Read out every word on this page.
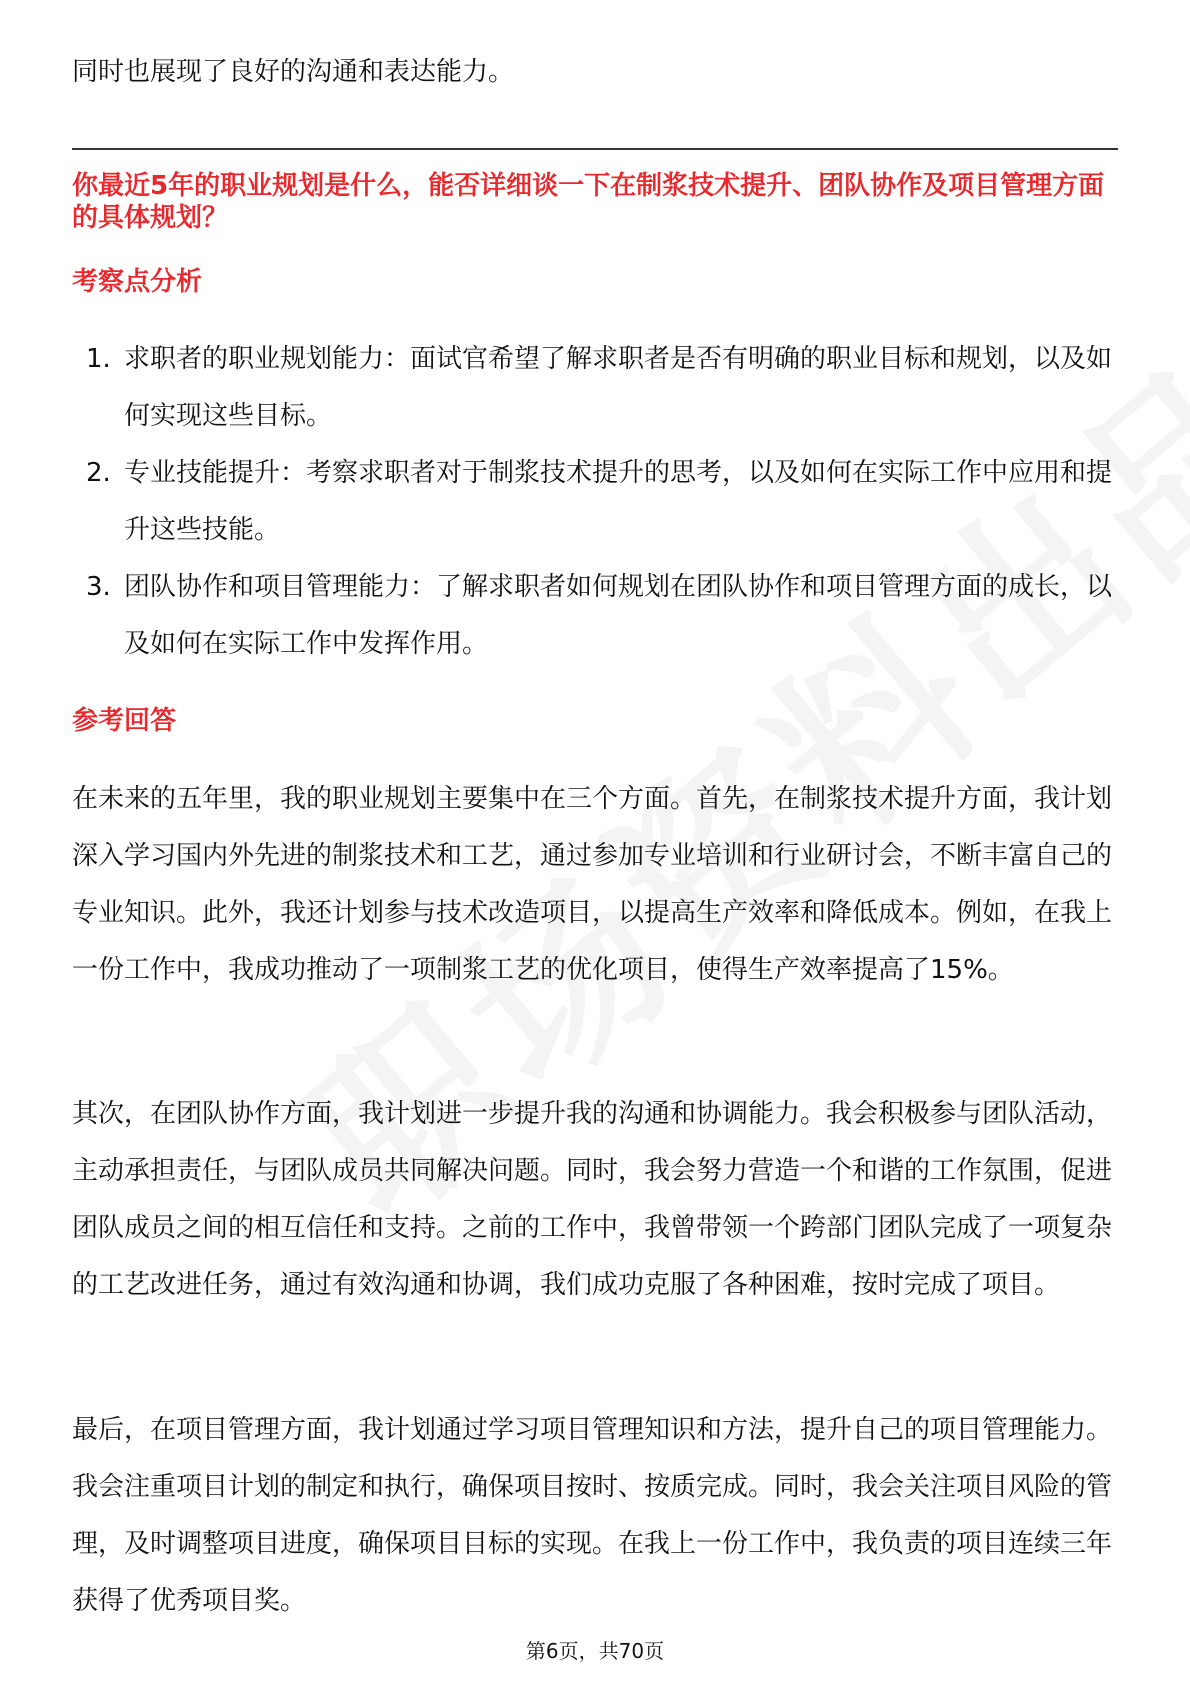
同时也展现了良好的沟通和表达能力。

你最近5年的职业规划是什么，能否详细谈一下在制浆技术提升、团队协作及项目管理方面的具体规划？

考察点分析

1. 求职者的职业规划能力：面试官希望了解求职者是否有明确的职业目标和规划，以及如何实现这些目标。
2. 专业技能提升：考察求职者对于制浆技术提升的思考，以及如何在实际工作中应用和提升这些技能。
3. 团队协作和项目管理能力：了解求职者如何规划在团队协作和项目管理方面的成长，以及如何在实际工作中发挥作用。

参考回答

在未来的五年里，我的职业规划主要集中在三个方面。首先，在制浆技术提升方面，我计划深入学习国内外先进的制浆技术和工艺，通过参加专业培训和行业研讨会，不断丰富自己的专业知识。此外，我还计划参与技术改造项目，以提高生产效率和降低成本。例如，在我上一份工作中，我成功推动了一项制浆工艺的优化项目，使得生产效率提高了15%。

其次，在团队协作方面，我计划进一步提升我的沟通和协调能力。我会积极参与团队活动，主动承担责任，与团队成员共同解决问题。同时，我会努力营造一个和谐的工作氛围，促进团队成员之间的相互信任和支持。之前的工作中，我曾带领一个跨部门团队完成了一项复杂的工艺改进任务，通过有效沟通和协调，我们成功克服了各种困难，按时完成了项目。

最后，在项目管理方面，我计划通过学习项目管理知识和方法，提升自己的项目管理能力。我会注重项目计划的制定和执行，确保项目按时、按质完成。同时，我会关注项目风险的管理，及时调整项目进度，确保项目目标的实现。在我上一份工作中，我负责的项目连续三年获得了优秀项目奖。

第6页，共70页
